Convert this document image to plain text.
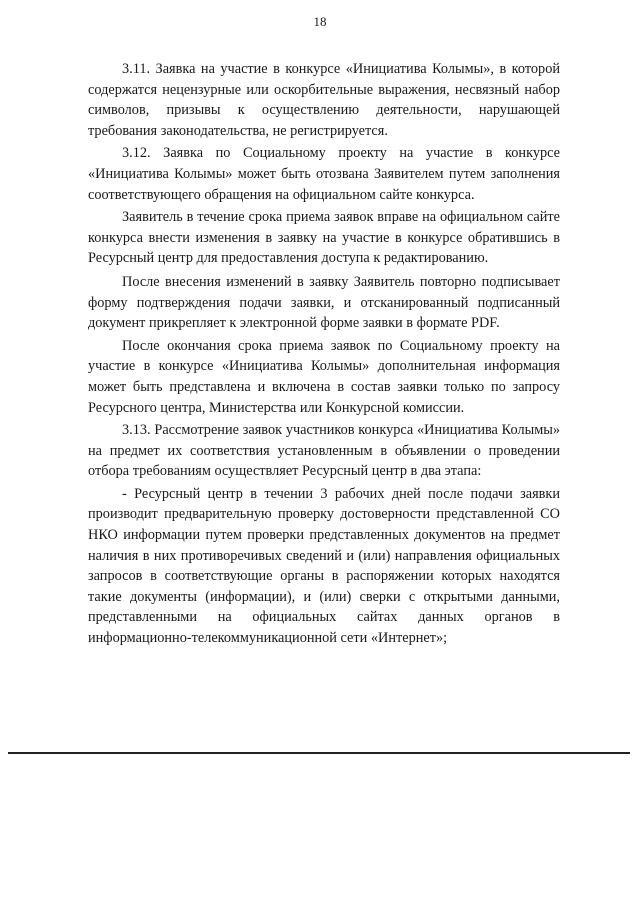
18

3.11. Заявка на участие в конкурсе «Инициатива Колымы», в которой содержатся нецензурные или оскорбительные выражения, несвязный набор символов, призывы к осуществлению деятельности, нарушающей требования законодательства, не регистрируется.

3.12. Заявка по Социальному проекту на участие в конкурсе «Инициатива Колымы» может быть отозвана Заявителем путем заполнения соответствующего обращения на официальном сайте конкурса.

Заявитель в течение срока приема заявок вправе на официальном сайте конкурса внести изменения в заявку на участие в конкурсе обратившись в Ресурсный центр для предоставления доступа к редактированию.

После внесения изменений в заявку Заявитель повторно подписывает форму подтверждения подачи заявки, и отсканированный подписанный документ прикрепляет к электронной форме заявки в формате PDF.

После окончания срока приема заявок по Социальному проекту на участие в конкурсе «Инициатива Колымы» дополнительная информация может быть представлена и включена в состав заявки только по запросу Ресурсного центра, Министерства или Конкурсной комиссии.

3.13. Рассмотрение заявок участников конкурса «Инициатива Колымы» на предмет их соответствия установленным в объявлении о проведении отбора требованиям осуществляет Ресурсный центр в два этапа:

- Ресурсный центр в течении 3 рабочих дней после подачи заявки производит предварительную проверку достоверности представленной СО НКО информации путем проверки представленных документов на предмет наличия в них противоречивых сведений и (или) направления официальных запросов в соответствующие органы в распоряжении которых находятся такие документы (информации), и (или) сверки с открытыми данными, представленными на официальных сайтах данных органов в информационно-телекоммуникационной сети «Интернет»;
